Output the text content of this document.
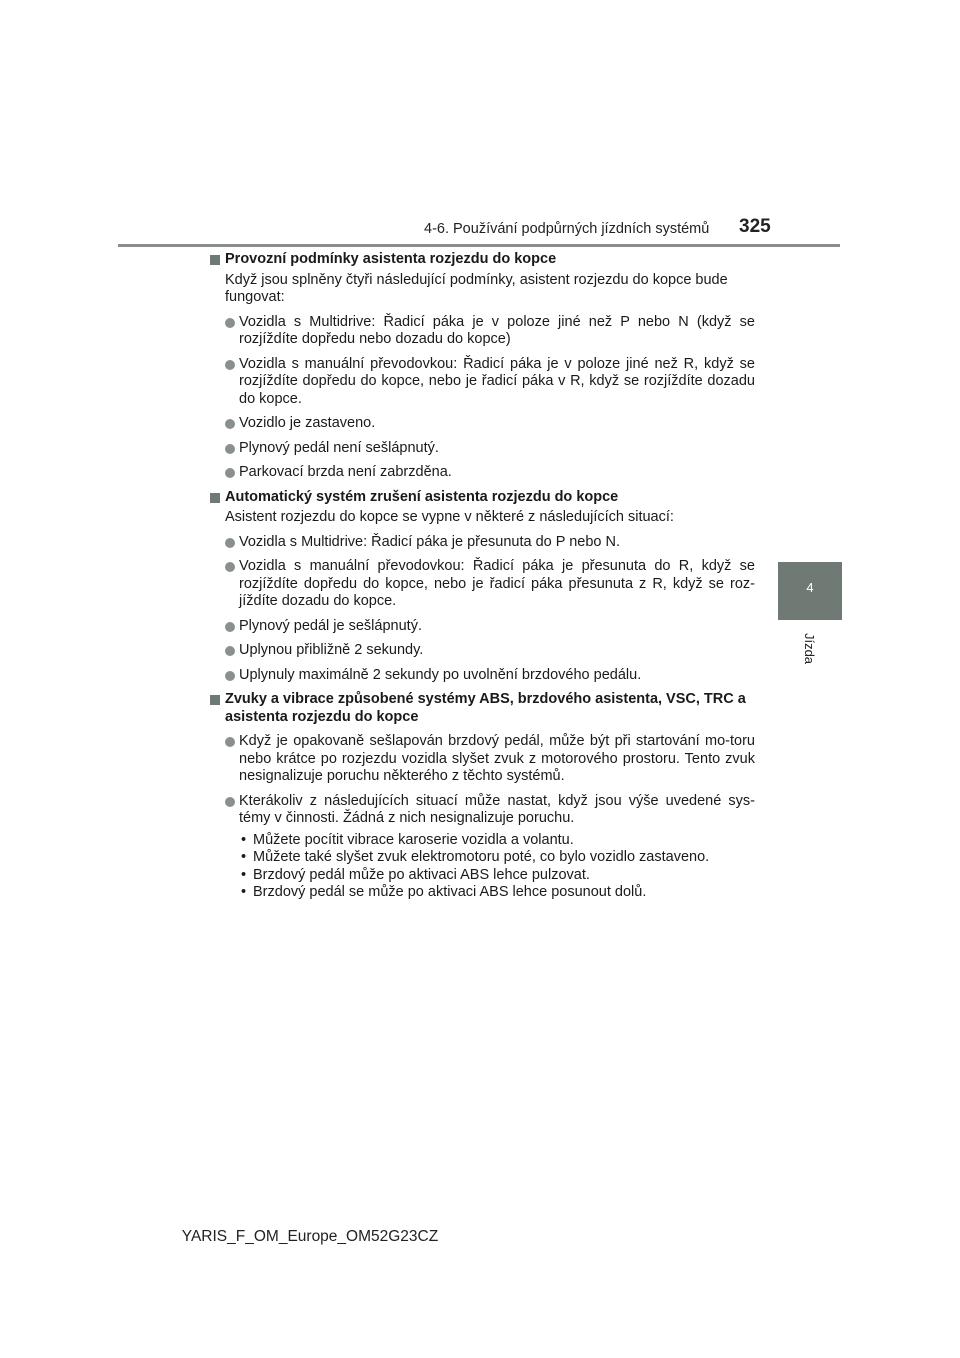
4-6. Používání podpůrných jízdních systémů 325
4
Jízda
Provozní podmínky asistenta rozjezdu do kopce
Když jsou splněny čtyři následující podmínky, asistent rozjezdu do kopce bude fungovat:
Vozidla s Multidrive: Řadicí páka je v poloze jiné než P nebo N (když se rozjíždíte dopředu nebo dozadu do kopce)
Vozidla s manuální převodovkou: Řadicí páka je v poloze jiné než R, když se rozjíždíte dopředu do kopce, nebo je řadicí páka v R, když se rozjíždíte dozadu do kopce.
Vozidlo je zastaveno.
Plynový pedál není sešlápnutý.
Parkovací brzda není zabrzděna.
Automatický systém zrušení asistenta rozjezdu do kopce
Asistent rozjezdu do kopce se vypne v některé z následujících situací:
Vozidla s Multidrive: Řadicí páka je přesunuta do P nebo N.
Vozidla s manuální převodovkou: Řadicí páka je přesunuta do R, když se rozjíždíte dopředu do kopce, nebo je řadicí páka přesunuta z R, když se roz-jíždíte dozadu do kopce.
Plynový pedál je sešlápnutý.
Uplynou přibližně 2 sekundy.
Uplynuly maximálně 2 sekundy po uvolnění brzdového pedálu.
Zvuky a vibrace způsobené systémy ABS, brzdového asistenta, VSC, TRC a asistenta rozjezdu do kopce
Když je opakovaně sešlapován brzdový pedál, může být při startování mo-toru nebo krátce po rozjezdu vozidla slyšet zvuk z motorového prostoru. Tento zvuk nesignalizuje poruchu některého z těchto systémů.
Kterákoliv z následujících situací může nastat, když jsou výše uvedené sys-témy v činnosti. Žádná z nich nesignalizuje poruchu.
• Můžete pocítit vibrace karoserie vozidla a volantu.
• Můžete také slyšet zvuk elektromotoru poté, co bylo vozidlo zastaveno.
• Brzdový pedál může po aktivaci ABS lehce pulzovat.
• Brzdový pedál se může po aktivaci ABS lehce posunout dolů.
YARIS_F_OM_Europe_OM52G23CZ
